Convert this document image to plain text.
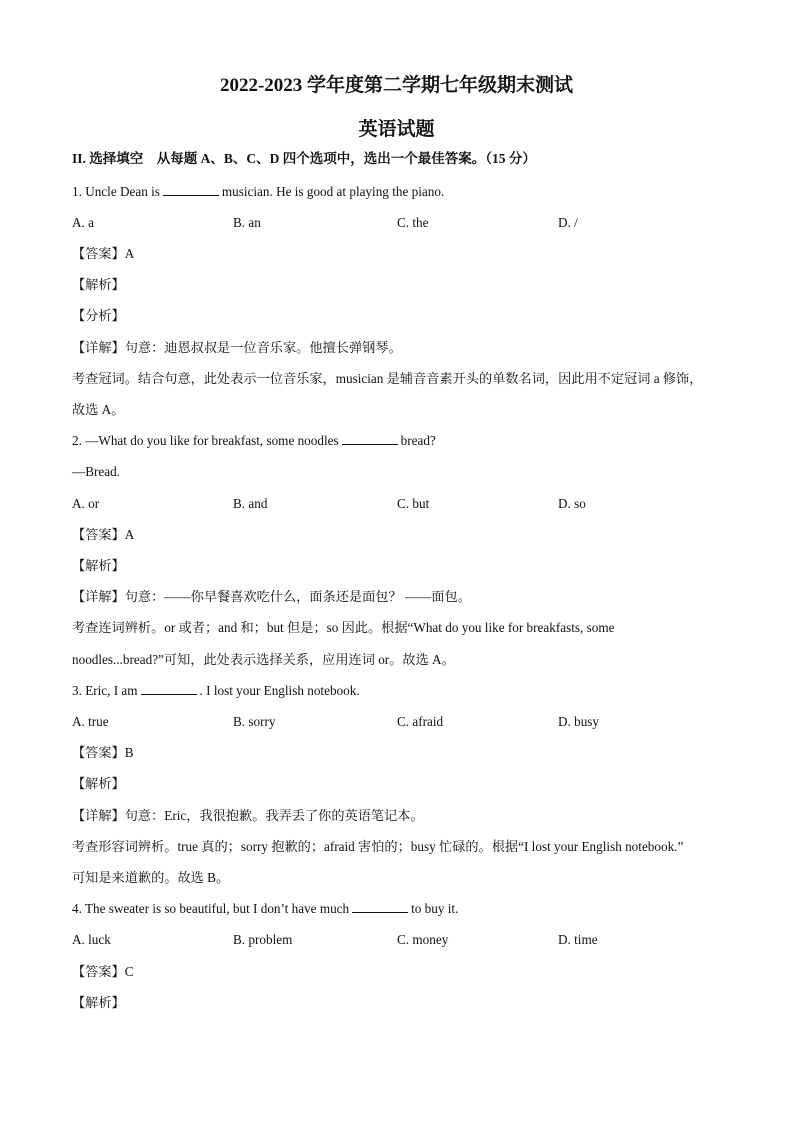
2022-2023 学年度第二学期七年级期末测试
英语试题
II. 选择填空　从每题 A、B、C、D 四个选项中，选出一个最佳答案。（15 分）
1. Uncle Dean is	musician. He is good at playing the piano.
A. a	B. an	C. the	D. /
【答案】A
【解析】
【分析】
【详解】句意：迪恩叔叔是一位音乐家。他擅长弹钢琴。
考查冠词。结合句意，此处表示一位音乐家，musician 是辅音音素开头的单数名词，因此用不定冠词 a 修饰，
故选 A。
2. —What do you like for breakfast, some noodles	bread?
—Bread.
A. or	B. and	C. but	D. so
【答案】A
【解析】
【详解】句意：——你早餐喜欢吃什么，面条还是面包？ ——面包。
考查连词辨析。or 或者；and 和；but 但是；so 因此。根据“What do you like for breakfasts, some
noodles...bread?”可知，此处表示选择关系，应用连词 or。故选 A。
3. Eric, I am	. I lost your English notebook.
A. true	B. sorry	C. afraid	D. busy
【答案】B
【解析】
【详解】句意：Eric，我很抱歉。我弄丢了你的英语笔记本。
考查形容词辨析。true 真的；sorry 抱歉的；afraid 害怕的；busy 忙碌的。根据“I lost your English notebook.”
可知是来道歉的。故选 B。
4. The sweater is so beautiful, but I don’t have much	to buy it.
A. luck	B. problem	C. money	D. time
【答案】C
【解析】
